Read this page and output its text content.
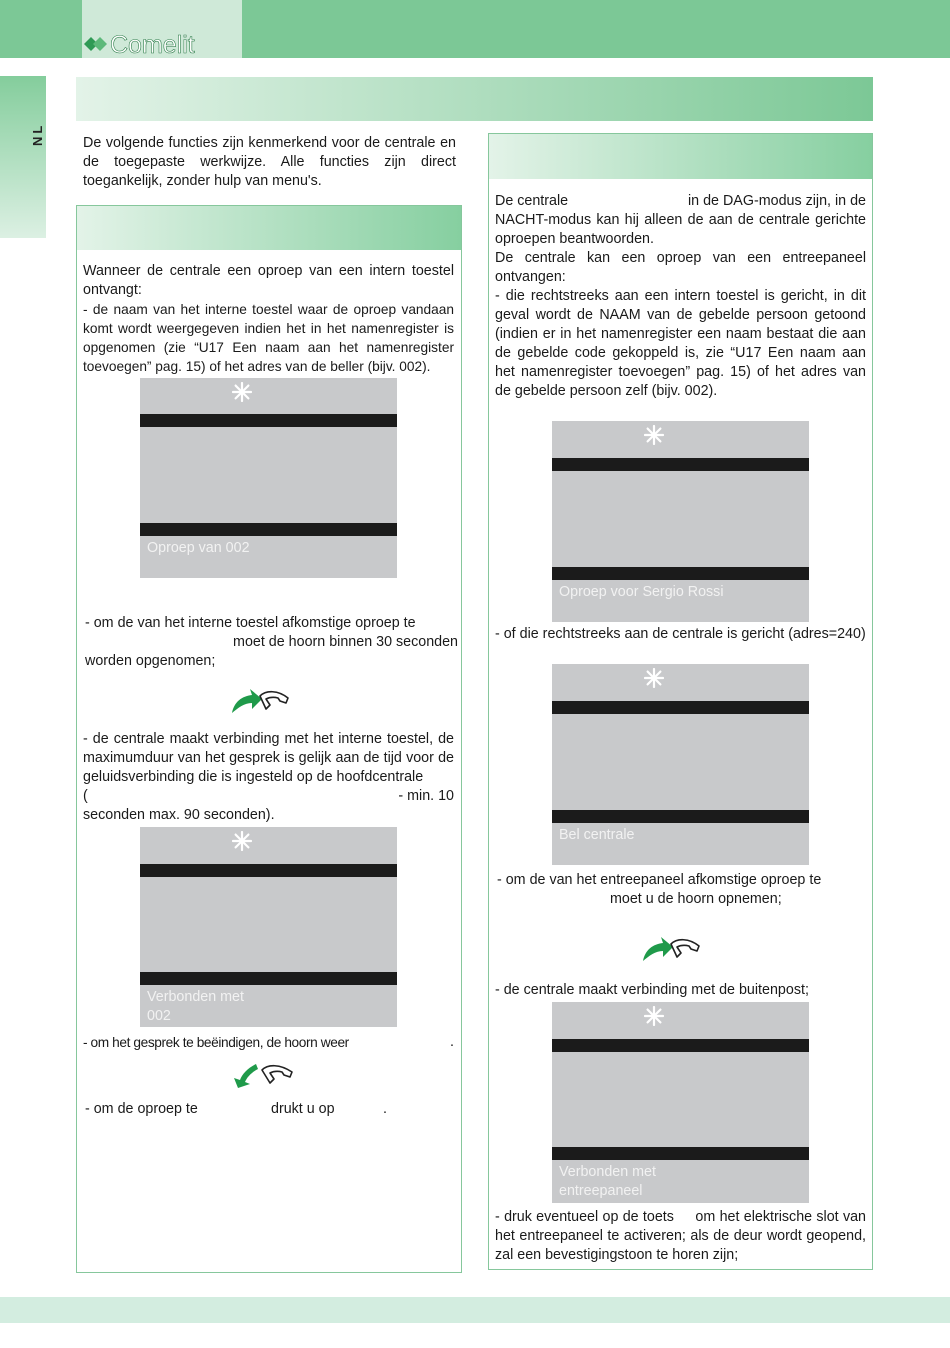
Comelit
NL	De volgende functies zijn kenmerkend voor de centrale en de toegepaste werkwijze. Alle functies zijn direct toegankelijk, zonder hulp van menu's.
Wanneer de centrale een oproep van een intern toestel ontvangt:
- de naam van het interne toestel waar de oproep vandaan komt wordt weergegeven indien het in het namenregister is opgenomen (zie “U17 Een naam aan het namenregister toevoegen” pag. 15) of het adres van de beller (bijv. 002).
Oproep van 002
- om de van het interne toestel afkomstige oproep te
moet de hoorn binnen 30 seconden
worden opgenomen;
- de centrale maakt verbinding met het interne toestel, de maximumduur van het gesprek is gelijk aan de tijd voor de geluidsverbinding die is ingesteld op de hoofdcentrale
(	- min. 10
seconden max. 90 seconden).
Verbonden met
002
- om het gesprek te beëindigen, de hoorn weer	.
- om de oproep te	drukt u op	.
De centrale	in de DAG-modus zijn, in de
NACHT-modus kan hij alleen de aan de centrale gerichte oproepen beantwoorden.
De centrale kan een oproep van een entreepaneel ontvangen:
- die rechtstreeks aan een intern toestel is gericht, in dit geval wordt de NAAM van de gebelde persoon getoond (indien er in het namenregister een naam bestaat die aan de gebelde code gekoppeld is, zie “U17 Een naam aan het namenregister toevoegen” pag. 15) of het adres van de gebelde persoon zelf (bijv. 002).
Oproep voor Sergio Rossi
- of die rechtstreeks aan de centrale is gericht (adres=240)
Bel centrale
- om de van het entreepaneel afkomstige oproep te
moet u de hoorn opnemen;
- de centrale maakt verbinding met de buitenpost;
Verbonden met
entreepaneel
- druk eventueel op de toets     om het elektrische slot van het entreepaneel te activeren; als de deur wordt geopend, zal een bevestigingstoon te horen zijn;
